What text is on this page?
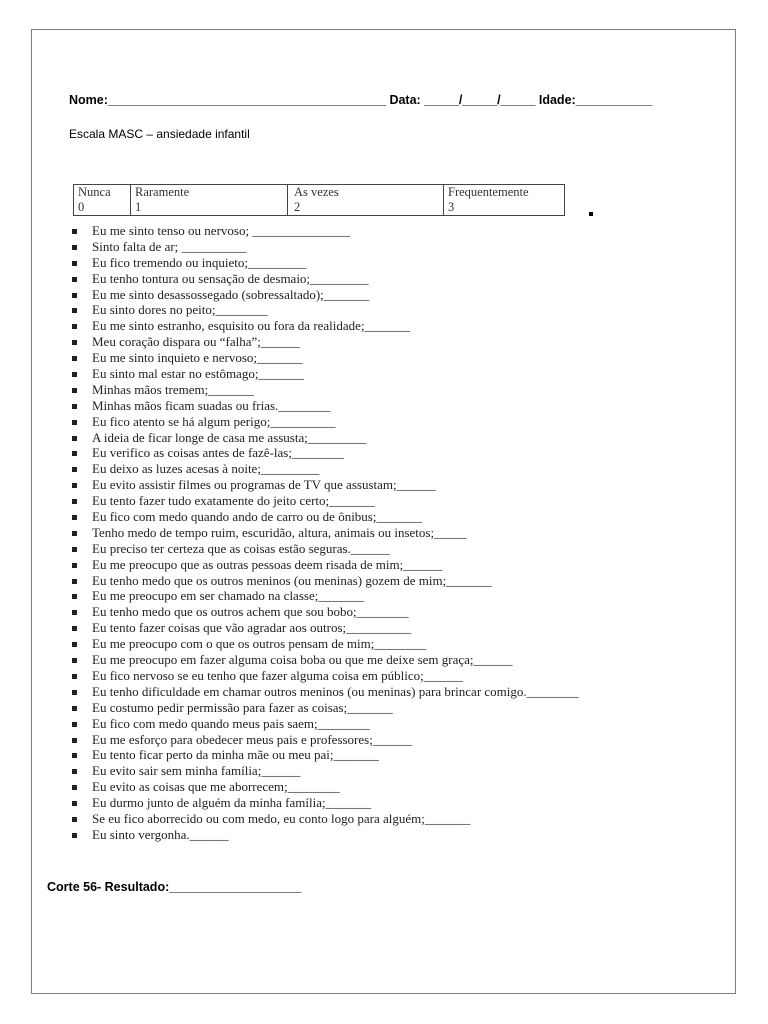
Nome:________________________________________ Data: _____/_____/_____ Idade:___________
Escala MASC – ansiedade infantil
Nunca
0

Raramente
1

As vezes
2

Frequentemente
3
Eu me sinto tenso ou nervoso; _______________
Sinto falta de ar; __________
Eu fico tremendo ou inquieto;_________
Eu tenho tontura ou sensação de desmaio;_________
Eu me sinto desassossegado (sobressaltado);_______
Eu sinto dores no peito;________
Eu me sinto estranho, esquisito ou fora da realidade;_______
Meu coração dispara ou “falha”;______
Eu me sinto inquieto e nervoso;_______
Eu sinto mal estar no estômago;_______
Minhas mãos tremem;_______
Minhas mãos ficam suadas ou frias.________
Eu fico atento se há algum perigo;__________
A ideia de ficar longe de casa me assusta;_________
Eu verifico as coisas antes de fazê-las;________
Eu deixo as luzes acesas à noite;_________
Eu evito assistir filmes ou programas de TV que assustam;______
Eu tento fazer tudo exatamente do jeito certo;_______
Eu fico com medo quando ando de carro ou de ônibus;_______
Tenho medo de tempo ruim, escuridão, altura, animais ou insetos;_____
Eu preciso ter certeza que as coisas estão seguras.______
Eu me preocupo que as outras pessoas deem risada de mim;______
Eu tenho medo que os outros meninos (ou meninas) gozem de mim;_______
Eu me preocupo em ser chamado na classe;_______
Eu tenho medo que os outros achem que sou bobo;________
Eu tento fazer coisas que vão agradar aos outros;__________
Eu me preocupo com o que os outros pensam de mim;________
Eu me preocupo em fazer alguma coisa boba ou que me deixe sem graça;______
Eu fico nervoso se eu tenho que fazer alguma coisa em público;______
Eu tenho dificuldade em chamar outros meninos (ou meninas) para brincar comigo.________
Eu costumo pedir permissão para fazer as coisas;_______
Eu fico com medo quando meus pais saem;________
Eu me esforço para obedecer meus pais e professores;______
Eu tento ficar perto da minha mãe ou meu pai;_______
Eu evito sair sem minha família;______
Eu evito as coisas que me aborrecem;________
Eu durmo junto de alguém da minha família;_______
Se eu fico aborrecido ou com medo, eu conto logo para alguém;_______
Eu sinto vergonha.______
Corte 56- Resultado:___________________
